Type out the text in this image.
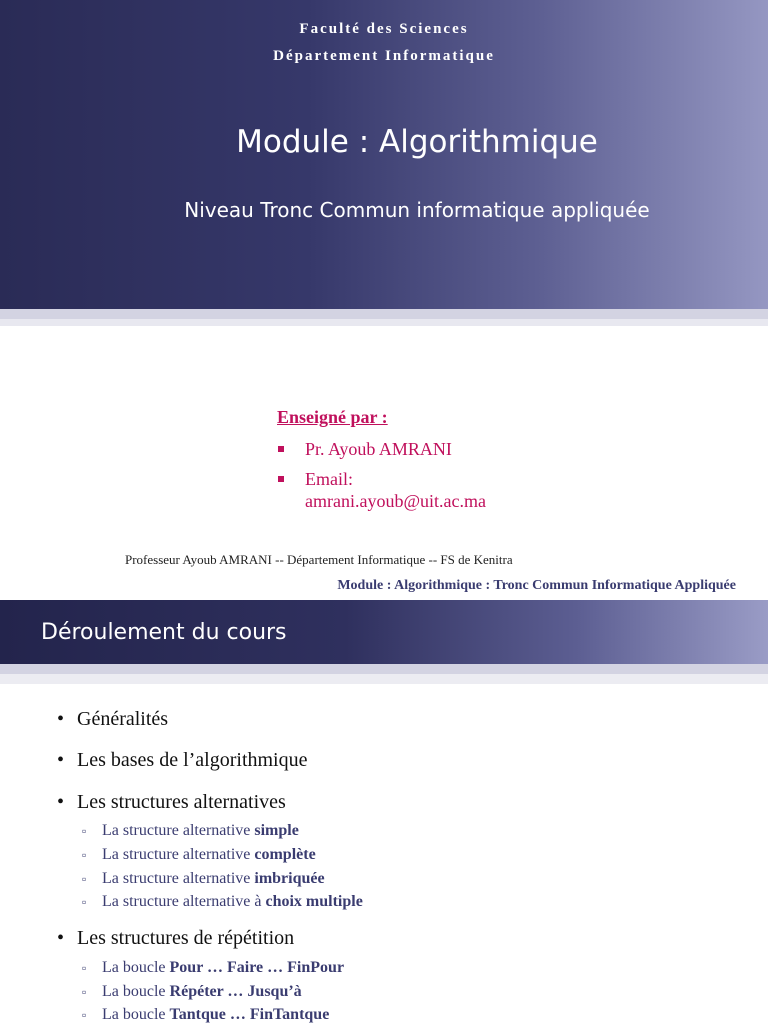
Faculté des Sciences
Département Informatique
Module : Algorithmique
Niveau Tronc Commun informatique appliquée
Enseigné par :
Pr. Ayoub AMRANI
Email:
amrani.ayoub@uit.ac.ma
Professeur Ayoub AMRANI -- Département Informatique -- FS de Kenitra
Module : Algorithmique : Tronc Commun Informatique Appliquée
Déroulement du cours
• Généralités
• Les bases de l’algorithmique
• Les structures alternatives
▫ La structure alternative simple
▫ La structure alternative complète
▫ La structure alternative imbriquée
▫ La structure alternative à choix multiple
• Les structures de répétition
▫ La boucle Pour … Faire … FinPour
▫ La boucle Répéter … Jusqu’à
▫ La boucle Tantque … FinTantque
